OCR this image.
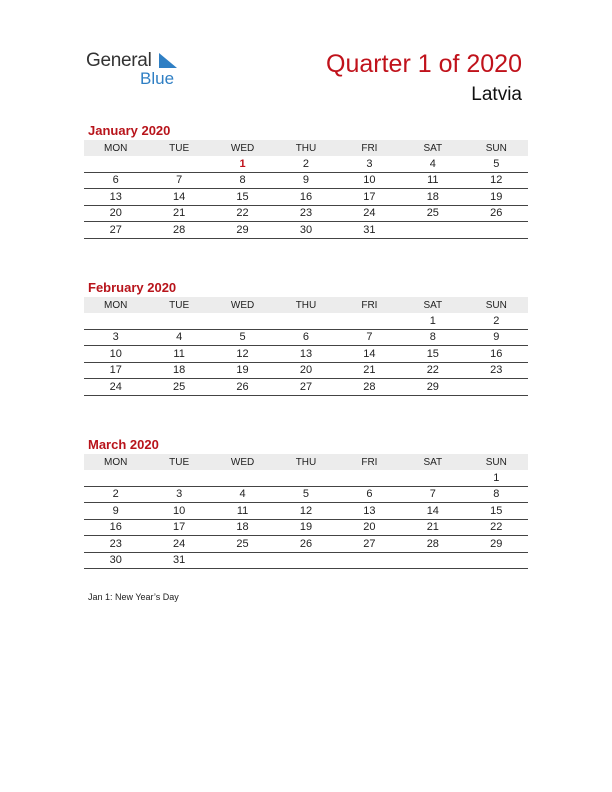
General
Blue
Quarter 1 of 2020
Latvia
January 2020
MON	TUE	WED	THU	FRI	SAT	SUN
		1	2	3	4	5
6	7	8	9	10	11	12
13	14	15	16	17	18	19
20	21	22	23	24	25	26
27	28	29	30	31		
February 2020
MON	TUE	WED	THU	FRI	SAT	SUN
					1	2
3	4	5	6	7	8	9
10	11	12	13	14	15	16
17	18	19	20	21	22	23
24	25	26	27	28	29	
March 2020
MON	TUE	WED	THU	FRI	SAT	SUN
						1
2	3	4	5	6	7	8
9	10	11	12	13	14	15
16	17	18	19	20	21	22
23	24	25	26	27	28	29
30	31					
Jan 1: New Year’s Day
